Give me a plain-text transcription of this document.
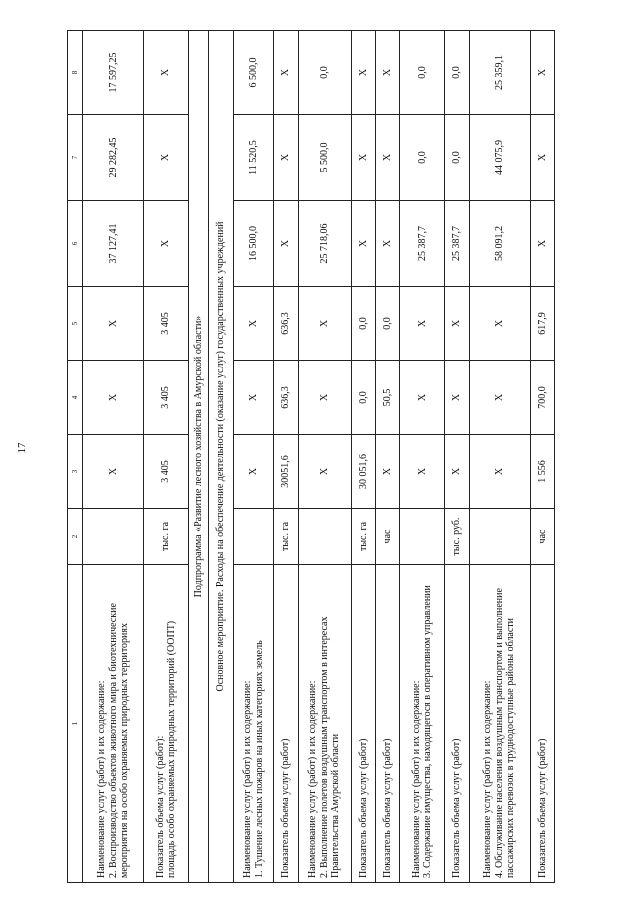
17
1	2	3	4	5	6	7	8
Наименование услуг (работ) и их содержание:
2. Воспроизводство объектов животного мира и биотехнические мероприятия на особо охраняемых природных территориях		X	X	X	37 127,41	29 282,45	17 597,25
Показатель объема услуг (работ):
площадь особо охраняемых природных территорий (ООПТ)	тыс. га	3 405	3 405	3 405	X	X	X
Подпрограмма «Развитие лесного хозяйства в Амурской области»							
Основное мероприятие. Расходы на обеспечение деятельности (оказание услуг) государственных учреждений							
Наименование услуг (работ) и их содержание:
1. Тушение лесных пожаров на иных категориях земель		X	X	X	16 500,0	11 520,5	6 500,0
Показатель объема услуг (работ)	тыс. га	30051,6	636,3	636,3	X	X	X
Наименование услуг (работ) и их содержание:
2. Выполнение полетов воздушным транспортом в интересах Правительства Амурской области		X	X	X	25 718,06	5 500,0	0,0
Показатель объема услуг (работ)	тыс. га	30 051,6	0,0	0,0	X	X	X
Показатель объема услуг (работ)	час	X	50,5	0,0	X	X	X
Наименование услуг (работ) и их содержание:
3. Содержание имущества, находящегося в оперативном управлении		X	X	X	25 387,7	0,0	0,0
Показатель объема услуг (работ)	тыс. руб.	X	X	X	25 387,7	0,0	0,0
Наименование услуг (работ) и их содержание:
4. Обслуживание населения воздушным транспортом и выполнение пассажирских перевозок в труднодоступные районы области		X	X	X	58 091,2	44 075,9	25 359,1
Показатель объема услуг (работ)	час	1 556	700,0	617,9	X	X	X
